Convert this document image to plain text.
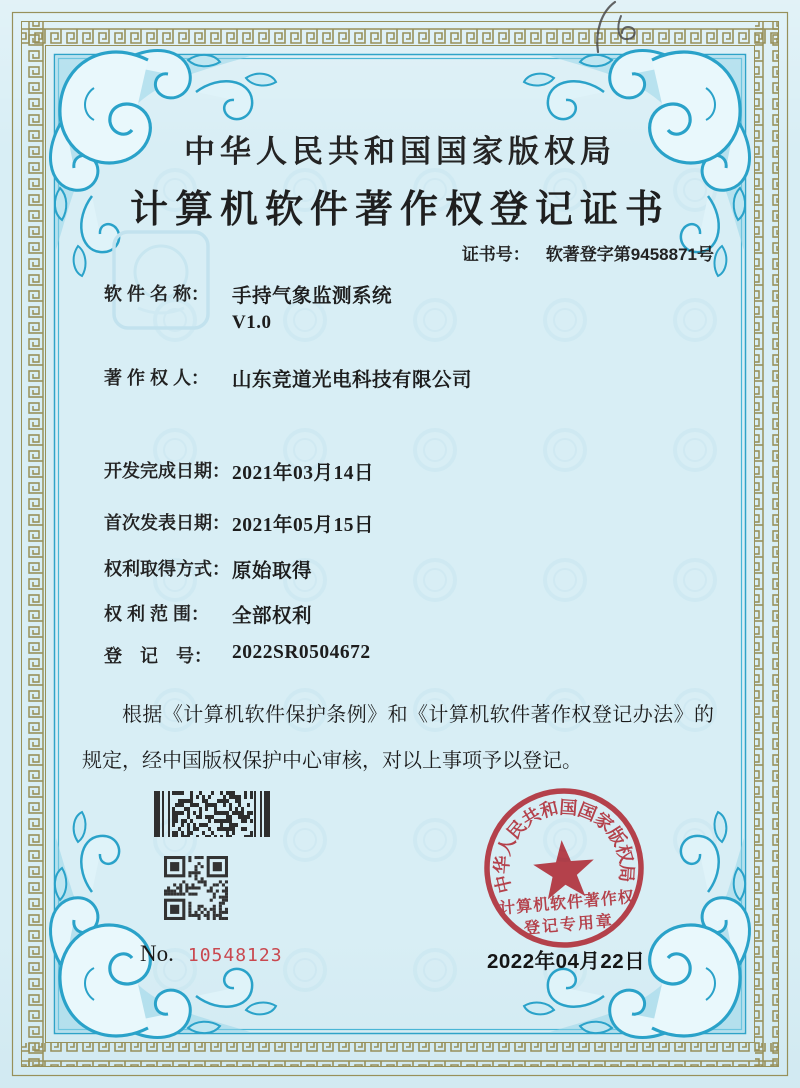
中华人民共和国国家版权局
计算机软件著作权登记证书
证书号： 软著登字第9458871号
软 件 名 称： 手持气象监测系统
V1.0
著 作 权 人： 山东竞道光电科技有限公司
开发完成日期： 2021年03月14日
首次发表日期： 2021年05月15日
权利取得方式： 原始取得
权 利 范 围： 全部权利
登　记　号： 2022SR0504672
根据《计算机软件保护条例》和《计算机软件著作权登记办法》的规定，经中国版权保护中心审核，对以上事项予以登记。
No. 10548123
中
华
人
民
共
和
国
国
家
版
权
局
计算机软件著作权
登记专用章
2022年04月22日
